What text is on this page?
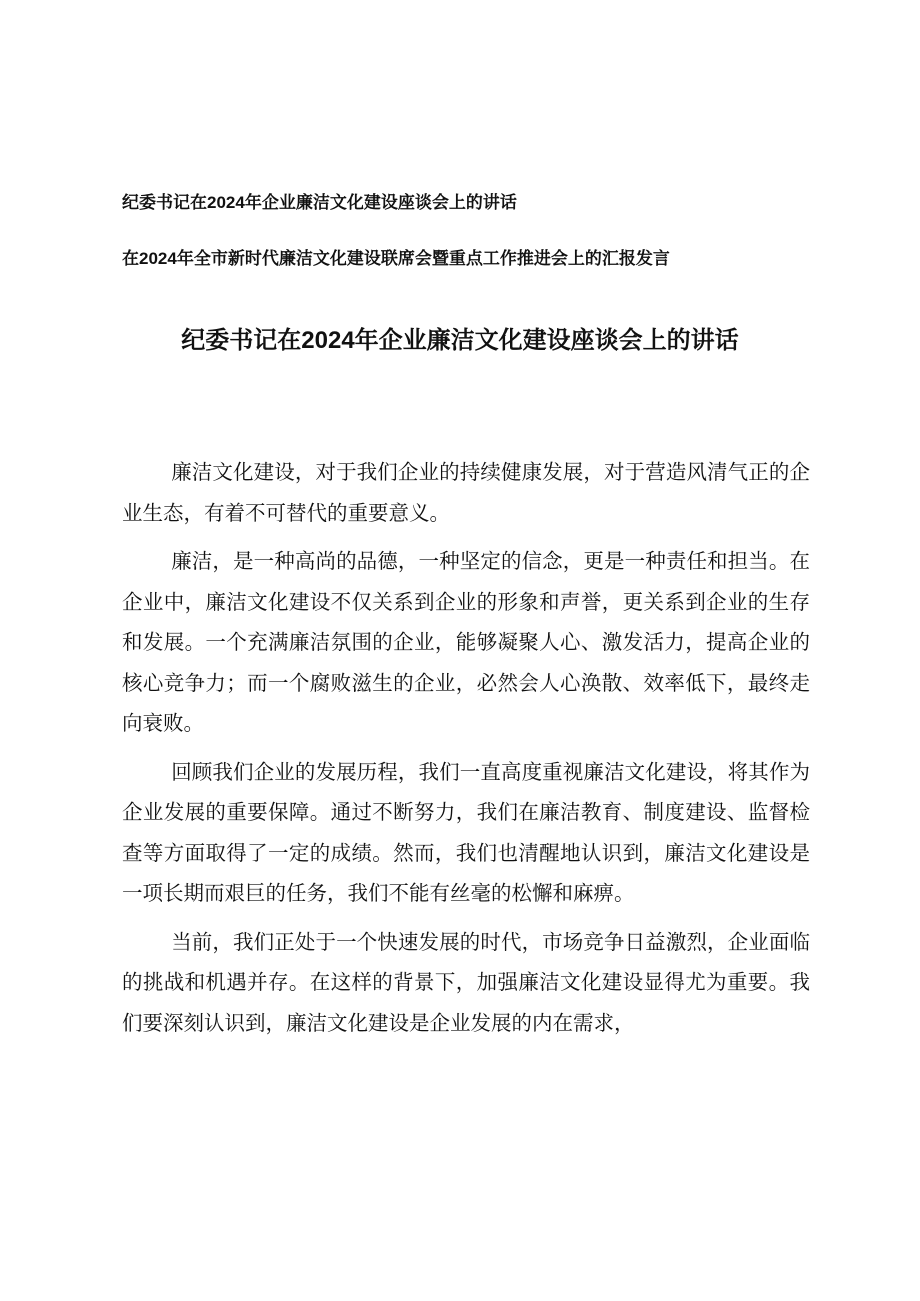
纪委书记在2024年企业廉洁文化建设座谈会上的讲话
在2024年全市新时代廉洁文化建设联席会暨重点工作推进会上的汇报发言
纪委书记在2024年企业廉洁文化建设座谈会上的讲话

廉洁文化建设，对于我们企业的持续健康发展，对于营造风清气正的企业生态，有着不可替代的重要意义。

廉洁，是一种高尚的品德，一种坚定的信念，更是一种责任和担当。在企业中，廉洁文化建设不仅关系到企业的形象和声誉，更关系到企业的生存和发展。一个充满廉洁氛围的企业，能够凝聚人心、激发活力，提高企业的核心竞争力；而一个腐败滋生的企业，必然会人心涣散、效率低下，最终走向衰败。

回顾我们企业的发展历程，我们一直高度重视廉洁文化建设，将其作为企业发展的重要保障。通过不断努力，我们在廉洁教育、制度建设、监督检查等方面取得了一定的成绩。然而，我们也清醒地认识到，廉洁文化建设是一项长期而艰巨的任务，我们不能有丝毫的松懈和麻痹。

当前，我们正处于一个快速发展的时代，市场竞争日益激烈，企业面临的挑战和机遇并存。在这样的背景下，加强廉洁文化建设显得尤为重要。我们要深刻认识到，廉洁文化建设是企业发展的内在需求，
